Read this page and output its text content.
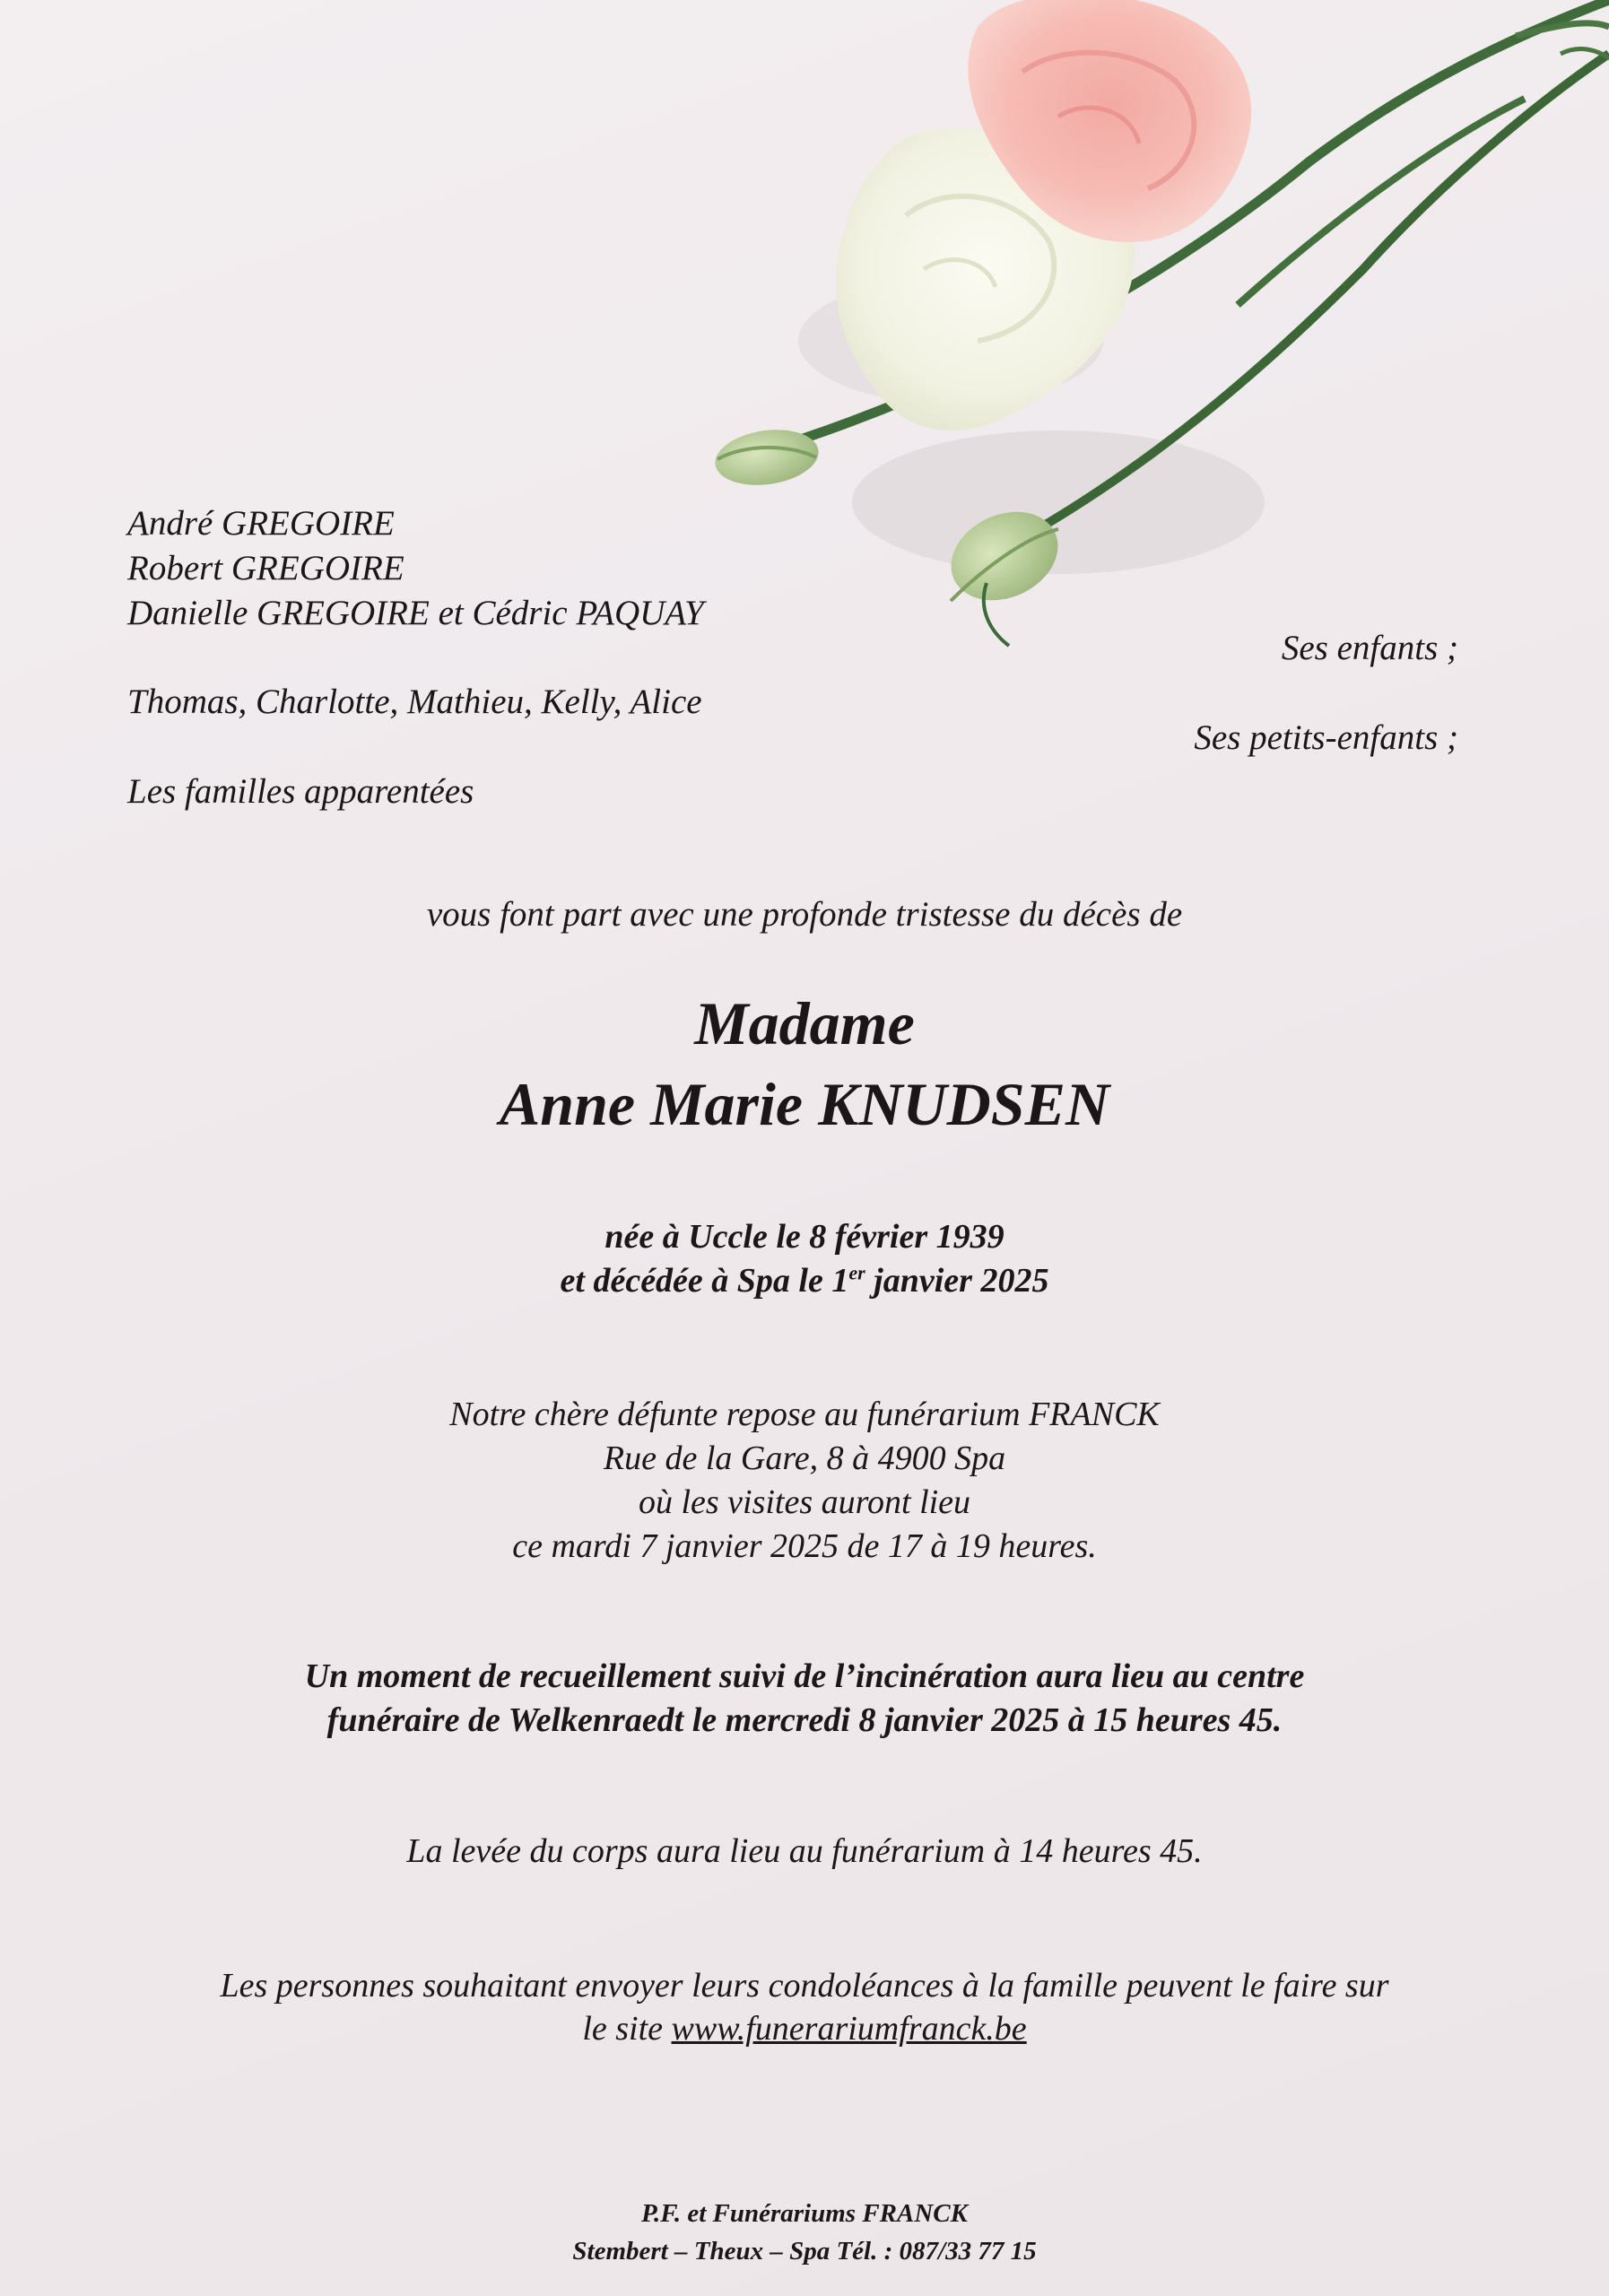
André GREGOIRE
Robert GREGOIRE
Danielle GREGOIRE et Cédric PAQUAY
Ses enfants ;
Thomas, Charlotte, Mathieu, Kelly, Alice
Ses petits-enfants ;
Les familles apparentées
vous font part avec une profonde tristesse du décès de
Madame
Anne Marie KNUDSEN
née à Uccle le 8 février 1939
et décédée à Spa le 1er janvier 2025
Notre chère défunte repose au funérarium FRANCK
Rue de la Gare, 8 à 4900 Spa
où les visites auront lieu
ce mardi 7 janvier 2025 de 17 à 19 heures.
Un moment de recueillement suivi de l’incinération aura lieu au centre
funéraire de Welkenraedt le mercredi 8 janvier 2025 à 15 heures 45.
La levée du corps aura lieu au funérarium à 14 heures 45.
Les personnes souhaitant envoyer leurs condoléances à la famille peuvent le faire sur
le site www.funerariumfranck.be
P.F. et Funérariums FRANCK
Stembert – Theux – Spa Tél. : 087/33 77 15
